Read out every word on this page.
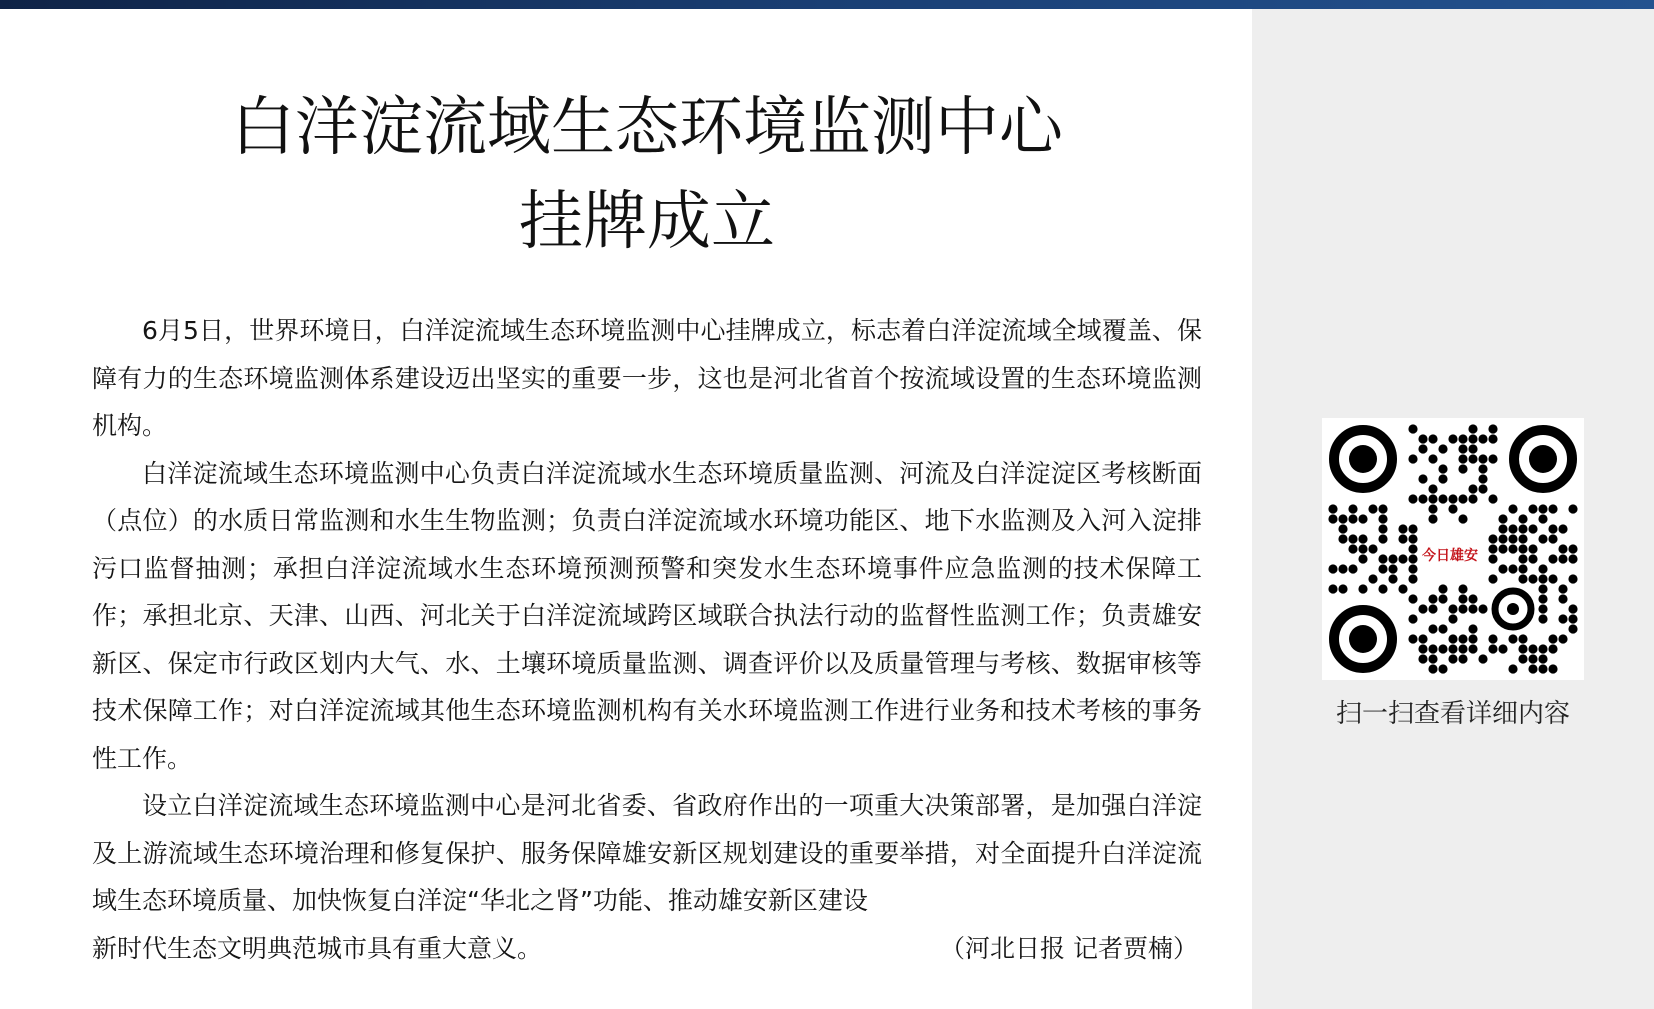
白洋淀流域生态环境监测中心
挂牌成立

6月5日，世界环境日，白洋淀流域生态环境监测中心挂牌成立，标志着白洋淀流域全域覆盖、保障有力的生态环境监测体系建设迈出坚实的重要一步，这也是河北省首个按流域设置的生态环境监测机构。

白洋淀流域生态环境监测中心负责白洋淀流域水生态环境质量监测、河流及白洋淀淀区考核断面（点位）的水质日常监测和水生生物监测；负责白洋淀流域水环境功能区、地下水监测及入河入淀排污口监督抽测；承担白洋淀流域水生态环境预测预警和突发水生态环境事件应急监测的技术保障工作；承担北京、天津、山西、河北关于白洋淀流域跨区域联合执法行动的监督性监测工作；负责雄安新区、保定市行政区划内大气、水、土壤环境质量监测、调查评价以及质量管理与考核、数据审核等技术保障工作；对白洋淀流域其他生态环境监测机构有关水环境监测工作进行业务和技术考核的事务性工作。

设立白洋淀流域生态环境监测中心是河北省委、省政府作出的一项重大决策部署，是加强白洋淀及上游流域生态环境治理和修复保护、服务保障雄安新区规划建设的重要举措，对全面提升白洋淀流域生态环境质量、加快恢复白洋淀“华北之肾”功能、推动雄安新区建设

新时代生态文明典范城市具有重大意义。	（河北日报 记者贾楠）
今日雄安
扫一扫查看详细内容
